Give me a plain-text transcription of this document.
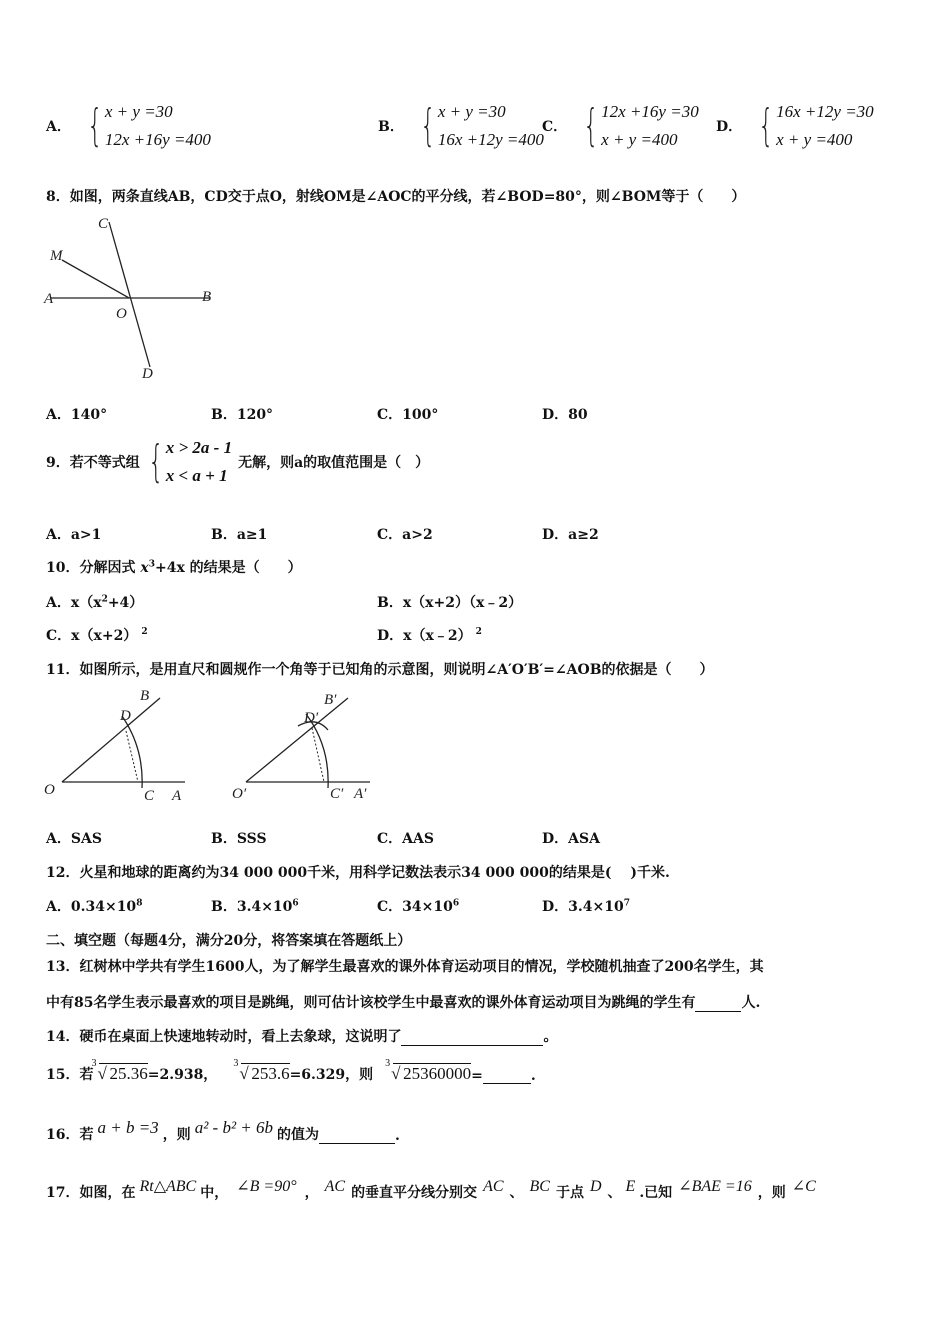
A． { x + y =30
12x +16y =400
B． { x + y =30
16x +12y =400
C． { 12x +16y =30
x + y =400
D． { 16x +12y =30
x + y =400
8．如图，两条直线AB，CD交于点O，射线OM是∠AOC的平分线，若∠BOD=80°，则∠BOM等于（　　）
M
C
A	B
O
D
A．140°	B．120°	C．100°	D．80
9．若不等式组 { x > 2a - 1
x < a + 1
无解，则a的取值范围是（　）
A．a>1	B．a≥1	C．a>2	D．a≥2
10．分解因式 $x^3+4x$ 的结果是（　　）
A．$x(x^2+4)$	B．x（x+2）（x﹣2）
C．x（x+2） $^2$	D．x（x﹣2） $^2$
11．如图所示，是用直尺和圆规作一个角等于已知角的示意图，则说明∠A′O′B′=∠AOB的依据是（　　）
B
D
O	C A
B′
D′
O′	C′ A′
A．SAS	B．SSS	C．AAS	D．ASA
12．火星和地球的距离约为34 000 000千米，用科学记数法表示34 000 000的结果是(　 )千米.
A．$0.34\times 10^8$	B．$3.4\times 10^6$	C．$34\times 10^6$	D．$3.4\times 10^7$
二、填空题（每题4分，满分20分，将答案填在答题纸上）
13．红树林中学共有学生1600人，为了解学生最喜欢的课外体育运动项目的情况，学校随机抽查了200名学生，其
中有85名学生表示最喜欢的项目是跳绳，则可估计该校学生中最喜欢的课外体育运动项目为跳绳的学生有	人.
14．硬币在桌面上快速地转动时，看上去象球，这说明了	。
15．若
3
√ 25.36 =2.938，
3
√ 253.6 =6.329，则
3
√ 25360000 =	.
16．若 a + b =3 ，则 a² - b² + 6b 的值为	.
17．如图，在 Rt△ABC 中， ∠B =90° ， AC 的垂直平分线分别交 AC 、 BC 于点 D 、 E .已知 ∠BAE =16 ，则 ∠C
